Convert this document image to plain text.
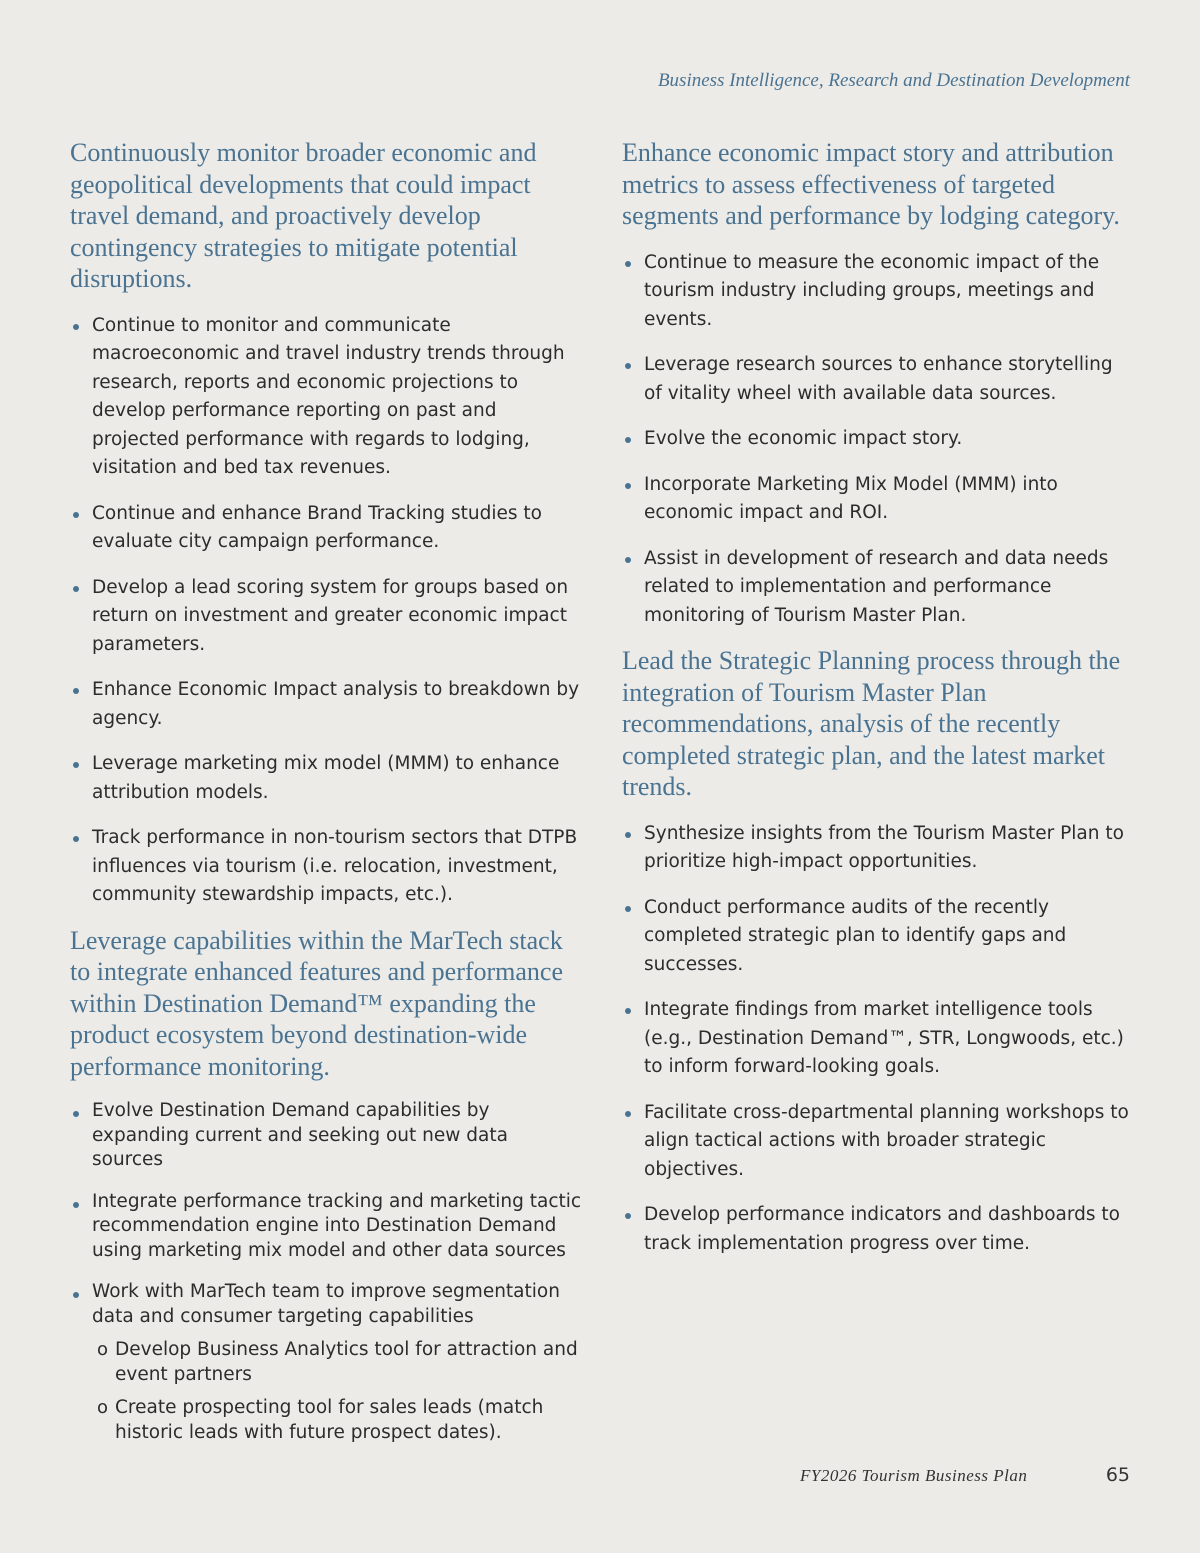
Business Intelligence, Research and Destination Development
Continuously monitor broader economic and geopolitical developments that could impact travel demand, and proactively develop contingency strategies to mitigate potential disruptions.
Continue to monitor and communicate macroeconomic and travel industry trends through research, reports and economic projections to develop performance reporting on past and projected performance with regards to lodging, visitation and bed tax revenues.
Continue and enhance Brand Tracking studies to evaluate city campaign performance.
Develop a lead scoring system for groups based on return on investment and greater economic impact parameters.
Enhance Economic Impact analysis to breakdown by agency.
Leverage marketing mix model (MMM) to enhance attribution models.
Track performance in non-tourism sectors that DTPB influences via tourism (i.e. relocation, investment, community stewardship impacts, etc.).
Leverage capabilities within the MarTech stack to integrate enhanced features and performance within Destination Demand™ expanding the product ecosystem beyond destination-wide performance monitoring.
Evolve Destination Demand capabilities by expanding current and seeking out new data sources
Integrate performance tracking and marketing tactic recommendation engine into Destination Demand using marketing mix model and other data sources
Work with MarTech team to improve segmentation data and consumer targeting capabilities
o Develop Business Analytics tool for attraction and event partners
o Create prospecting tool for sales leads (match historic leads with future prospect dates).
Enhance economic impact story and attribution metrics to assess effectiveness of targeted segments and performance by lodging category.
Continue to measure the economic impact of the tourism industry including groups, meetings and events.
Leverage research sources to enhance storytelling of vitality wheel with available data sources.
Evolve the economic impact story.
Incorporate Marketing Mix Model (MMM) into economic impact and ROI.
Assist in development of research and data needs related to implementation and performance monitoring of Tourism Master Plan.
Lead the Strategic Planning process through the integration of Tourism Master Plan recommendations, analysis of the recently completed strategic plan, and the latest market trends.
Synthesize insights from the Tourism Master Plan to prioritize high-impact opportunities.
Conduct performance audits of the recently completed strategic plan to identify gaps and successes.
Integrate findings from market intelligence tools (e.g., Destination Demand™, STR, Longwoods, etc.) to inform forward-looking goals.
Facilitate cross-departmental planning workshops to align tactical actions with broader strategic objectives.
Develop performance indicators and dashboards to track implementation progress over time.
FY2026 Tourism Business Plan	65
